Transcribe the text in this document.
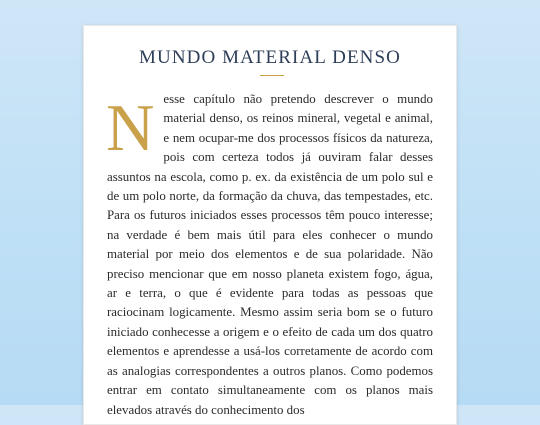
MUNDO MATERIAL DENSO

Nesse capítulo não pretendo descrever o mundo material denso, os reinos mineral, vegetal e animal, e nem ocupar-me dos processos físicos da natureza, pois com certeza todos já ouviram falar desses assuntos na escola, como p. ex. da existência de um polo sul e de um polo norte, da formação da chuva, das tempestades, etc. Para os futuros iniciados esses processos têm pouco interesse; na verdade é bem mais útil para eles conhecer o mundo material por meio dos elementos e de sua polaridade. Não preciso mencionar que em nosso planeta existem fogo, água, ar e terra, o que é evidente para todas as pessoas que raciocinam logicamente. Mesmo assim seria bom se o futuro iniciado conhecesse a origem e o efeito de cada um dos quatro elementos e aprendesse a usá-los corretamente de acordo com as analogias correspondentes a outros planos. Como podemos entrar em contato simultaneamente com os planos mais elevados através do conhecimento dos
